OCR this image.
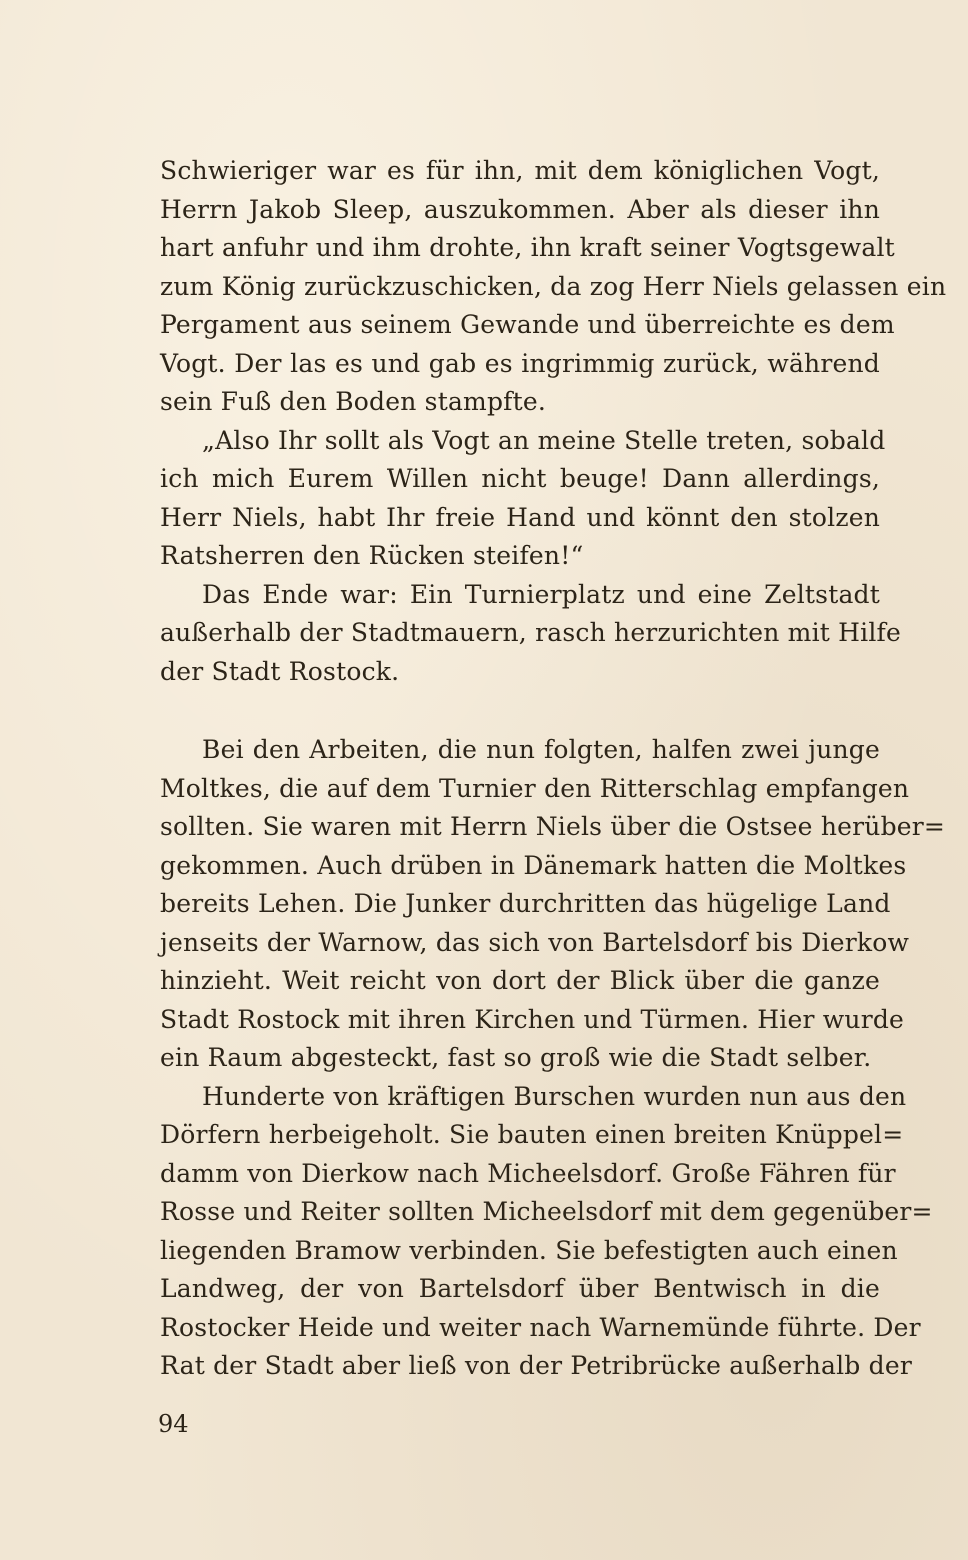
Schwieriger war es für ihn, mit dem königlichen Vogt,
Herrn Jakob Sleep, auszukommen. Aber als dieser ihn
hart anfuhr und ihm drohte, ihn kraft seiner Vogtsgewalt
zum König zurückzuschicken, da zog Herr Niels gelassen ein
Pergament aus seinem Gewande und überreichte es dem
Vogt. Der las es und gab es ingrimmig zurück, während
sein Fuß den Boden stampfte.
„Also Ihr sollt als Vogt an meine Stelle treten, sobald
ich mich Eurem Willen nicht beuge! Dann allerdings,
Herr Niels, habt Ihr freie Hand und könnt den stolzen
Ratsherren den Rücken steifen!“
Das Ende war: Ein Turnierplatz und eine Zeltstadt
außerhalb der Stadtmauern, rasch herzurichten mit Hilfe
der Stadt Rostock.
Bei den Arbeiten, die nun folgten, halfen zwei junge
Moltkes, die auf dem Turnier den Ritterschlag empfangen
sollten. Sie waren mit Herrn Niels über die Ostsee herüber=
gekommen. Auch drüben in Dänemark hatten die Moltkes
bereits Lehen. Die Junker durchritten das hügelige Land
jenseits der Warnow, das sich von Bartelsdorf bis Dierkow
hinzieht. Weit reicht von dort der Blick über die ganze
Stadt Rostock mit ihren Kirchen und Türmen. Hier wurde
ein Raum abgesteckt, fast so groß wie die Stadt selber.
Hunderte von kräftigen Burschen wurden nun aus den
Dörfern herbeigeholt. Sie bauten einen breiten Knüppel=
damm von Dierkow nach Micheelsdorf. Große Fähren für
Rosse und Reiter sollten Micheelsdorf mit dem gegenüber=
liegenden Bramow verbinden. Sie befestigten auch einen
Landweg, der von Bartelsdorf über Bentwisch in die
Rostocker Heide und weiter nach Warnemünde führte. Der
Rat der Stadt aber ließ von der Petribrücke außerhalb der
94
